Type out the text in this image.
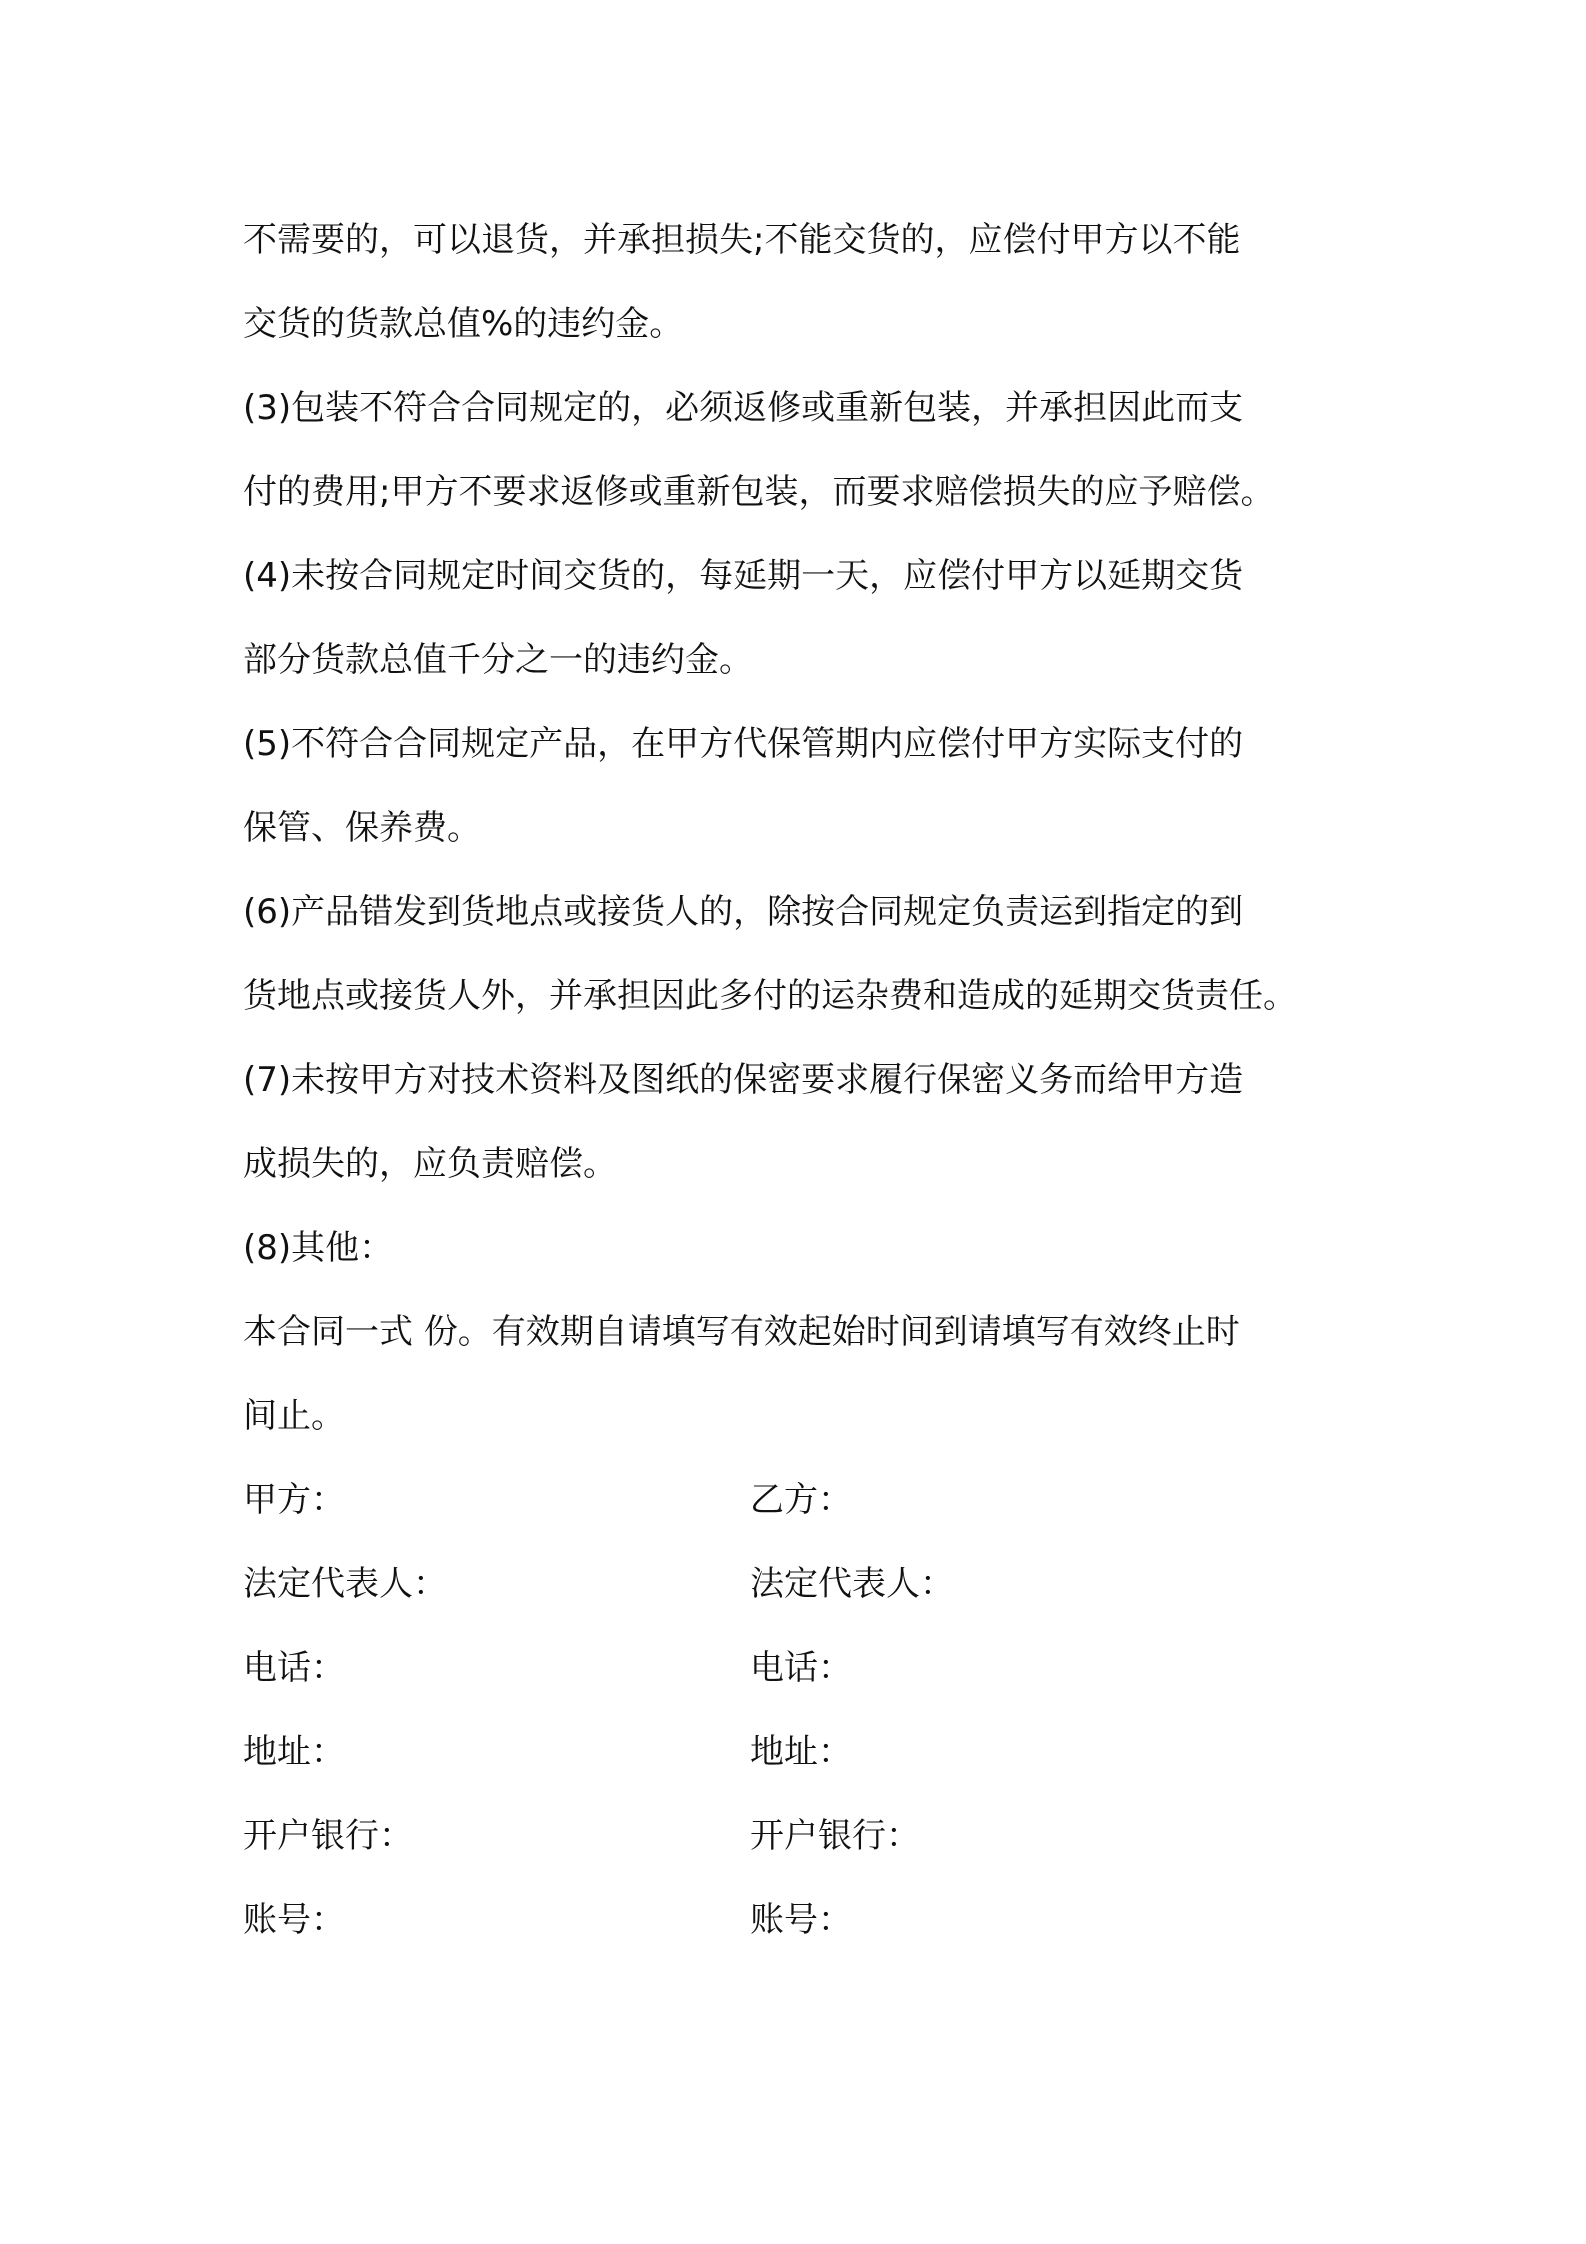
不需要的，可以退货，并承担损失;不能交货的，应偿付甲方以不能
交货的货款总值%的违约金。
(3)包装不符合合同规定的，必须返修或重新包装，并承担因此而支
付的费用;甲方不要求返修或重新包装，而要求赔偿损失的应予赔偿。
(4)未按合同规定时间交货的，每延期一天，应偿付甲方以延期交货
部分货款总值千分之一的违约金。
(5)不符合合同规定产品，在甲方代保管期内应偿付甲方实际支付的
保管、保养费。
(6)产品错发到货地点或接货人的，除按合同规定负责运到指定的到
货地点或接货人外，并承担因此多付的运杂费和造成的延期交货责任。
(7)未按甲方对技术资料及图纸的保密要求履行保密义务而给甲方造
成损失的，应负责赔偿。
(8)其他：
本合同一式 份。有效期自请填写有效起始时间到请填写有效终止时
间止。
甲方：	乙方：
法定代表人：	法定代表人：
电话：	电话：
地址：	地址：
开户银行：	开户银行：
账号：	账号：
